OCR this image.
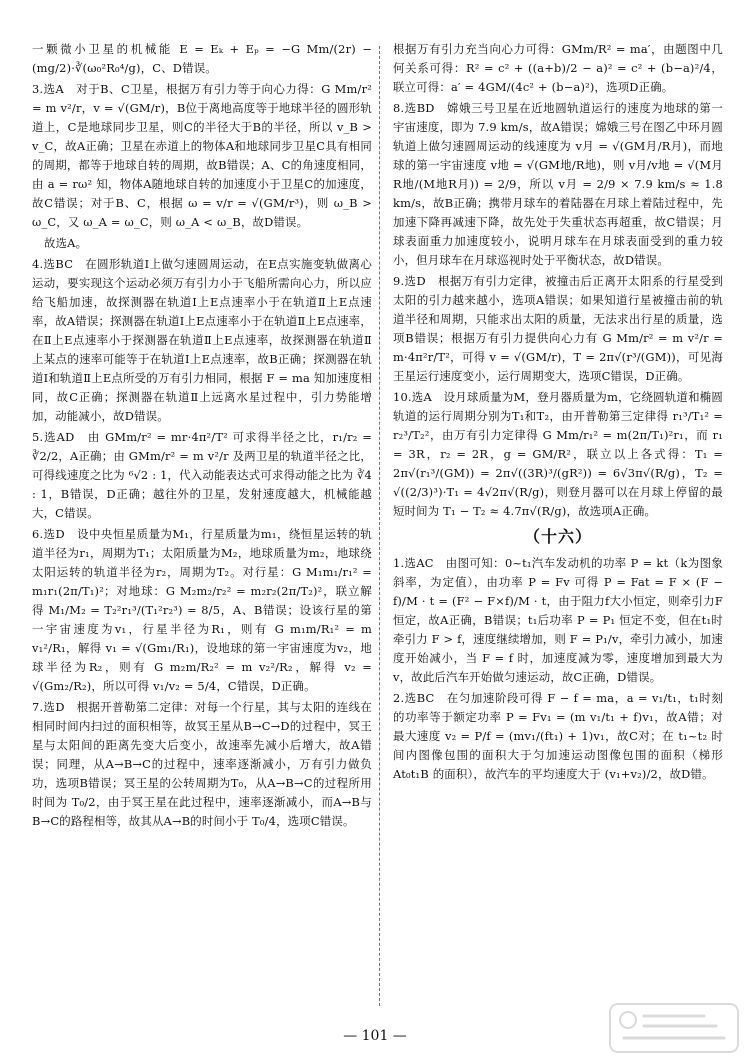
一颗微小卫星的机械能 E = Eₖ + Eₚ = −G Mm/(2r) − (mg/2)·∛(ω₀²R₀⁴/g)，C、D错误。

3.选A　对于B、C卫星，根据万有引力等于向心力得：G Mm/r² = m v²/r，v = √(GM/r)，B位于离地高度等于地球半径的圆形轨道上，C是地球同步卫星，则C的半径大于B的半径，所以 v_B > v_C，故A正确；卫星在赤道上的物体A和地球同步卫星C具有相同的周期，都等于地球自转的周期，故B错误；A、C的角速度相同，由 a = rω² 知，物体A随地球自转的加速度小于卫星C的加速度，故C错误；对于B、C，根据 ω = v/r = √(GM/r³)，则 ω_B > ω_C，又 ω_A = ω_C，则 ω_A < ω_B，故D错误。

故选A。

4.选BC　在圆形轨道Ⅰ上做匀速圆周运动，在E点实施变轨做离心运动，要实现这个运动必须万有引力小于飞船所需向心力，所以应给飞船加速，故探测器在轨道Ⅰ上E点速率小于在轨道Ⅱ上E点速率，故A错误；探测器在轨道Ⅰ上E点速率小于在轨道Ⅱ上E点速率，在Ⅱ上E点速率小于探测器在轨道Ⅱ上E点速率，故探测器在轨道Ⅱ上某点的速率可能等于在轨道Ⅰ上E点速率，故B正确；探测器在轨道Ⅰ和轨道Ⅱ上E点所受的万有引力相同，根据 F = ma 知加速度相同，故C正确；探测器在轨道Ⅱ上远离水星过程中，引力势能增加，动能减小，故D错误。

5.选AD　由 GMm/r² = mr·4π²/T² 可求得半径之比，r₁/r₂ = ∛2/2，A正确；由 GMm/r² = m v²/r 及两卫星的轨道半径之比，可得线速度之比为 ⁶√2 : 1，代入动能表达式可求得动能之比为 ∛4 : 1，B错误，D正确；越往外的卫星，发射速度越大，机械能越大，C错误。

6.选D　设中央恒星质量为M₁，行星质量为m₁，绕恒星运转的轨道半径为r₁，周期为T₁；太阳质量为M₂，地球质量为m₂，地球绕太阳运转的轨道半径为r₂，周期为T₂。对行星：G M₁m₁/r₁² = m₁r₁(2π/T₁)²；对地球：G M₂m₂/r₂² = m₂r₂(2π/T₂)²，联立解得 M₁/M₂ = T₂²r₁³/(T₁²r₂³) = 8/5，A、B错误；设该行星的第一宇宙速度为v₁，行星半径为R₁，则有 G m₁m/R₁² = m v₁²/R₁，解得 v₁ = √(Gm₁/R₁)，设地球的第一宇宙速度为v₂，地球半径为R₂，则有 G m₂m/R₂² = m v₂²/R₂，解得 v₂ = √(Gm₂/R₂)，所以可得 v₁/v₂ = 5/4，C错误，D正确。

7.选D　根据开普勒第二定律：对每一个行星，其与太阳的连线在相同时间内扫过的面积相等，故冥王星从B→C→D的过程中，冥王星与太阳间的距离先变大后变小，故速率先减小后增大，故A错误；同理，从A→B→C的过程中，速率逐渐减小，万有引力做负功，选项B错误；冥王星的公转周期为T₀，从A→B→C的过程所用时间为 T₀/2，由于冥王星在此过程中，速率逐渐减小，而A→B与B→C的路程相等，故其从A→B的时间小于 T₀/4，选项C错误。

根据万有引力充当向心力可得：GMm/R² = ma′，由题图中几何关系可得：R² = c² + ((a+b)/2 − a)² = c² + (b−a)²/4，联立可得：a′ = 4GM/(4c² + (b−a)²)，选项D正确。

8.选BD　嫦娥三号卫星在近地圆轨道运行的速度为地球的第一宇宙速度，即为 7.9 km/s，故A错误；嫦娥三号在图乙中环月圆轨道上做匀速圆周运动的线速度为 v月 = √(GM月/R月)，而地球的第一宇宙速度 v地 = √(GM地/R地)，则 v月/v地 = √(M月R地/(M地R月)) = 2/9，所以 v月 = 2/9 × 7.9 km/s ≈ 1.8 km/s，故B正确；携带月球车的着陆器在月球上着陆过程中，先加速下降再减速下降，故先处于失重状态再超重，故C错误；月球表面重力加速度较小，说明月球车在月球表面受到的重力较小，但月球车在月球巡视时处于平衡状态，故D错误。

9.选D　根据万有引力定律，被撞击后正离开太阳系的行星受到太阳的引力越来越小，选项A错误；如果知道行星被撞击前的轨道半径和周期，只能求出太阳的质量，无法求出行星的质量，选项B错误；根据万有引力提供向心力有 G Mm/r² = m v²/r = m·4π²r/T²，可得 v = √(GM/r)，T = 2π√(r³/(GM))，可见海王星运行速度变小，运行周期变大，选项C错误，D正确。

10.选A　设月球质量为M，登月器质量为m，它绕圆轨道和椭圆轨道的运行周期分别为T₁和T₂，由开普勒第三定律得 r₁³/T₁² = r₂³/T₂²，由万有引力定律得 G Mm/r₁² = m(2π/T₁)²r₁，而 r₁ = 3R，r₂ = 2R，g = GM/R²，联立以上各式得：T₁ = 2π√(r₁³/(GM)) = 2π√((3R)³/(gR²)) = 6√3π√(R/g)，T₂ = √((2/3)³)·T₁ = 4√2π√(R/g)，则登月器可以在月球上停留的最短时间为 T₁ − T₂ ≈ 4.7π√(R/g)，故选项A正确。

（十六）

1.选AC　由图可知：0~t₁汽车发动机的功率 P = kt（k为图象斜率，为定值），由功率 P = Fv 可得 P = Fat = F × (F − f)/M · t = (F² − F×f)/M · t，由于阻力f大小恒定，则牵引力F恒定，故A正确，B错误；t₁后功率 P = P₁ 恒定不变，但在t₁时牵引力 F > f，速度继续增加，则 F = P₁/v，牵引力减小，加速度开始减小，当 F = f 时，加速度减为零，速度增加到最大为v，故此后汽车开始做匀速运动，故C正确，D错误。

2.选BC　在匀加速阶段可得 F − f = ma，a = v₁/t₁，t₁时刻的功率等于额定功率 P = Fv₁ = (m v₁/t₁ + f)v₁，故A错；对最大速度 v₂ = P/f = (mv₁/(ft₁) + 1)v₁，故C对；在 t₁~t₂ 时间内图像包围的面积大于匀加速运动图像包围的面积（梯形 At₀t₁B 的面积），故汽车的平均速度大于 (v₁+v₂)/2，故D错。

— 101 —
